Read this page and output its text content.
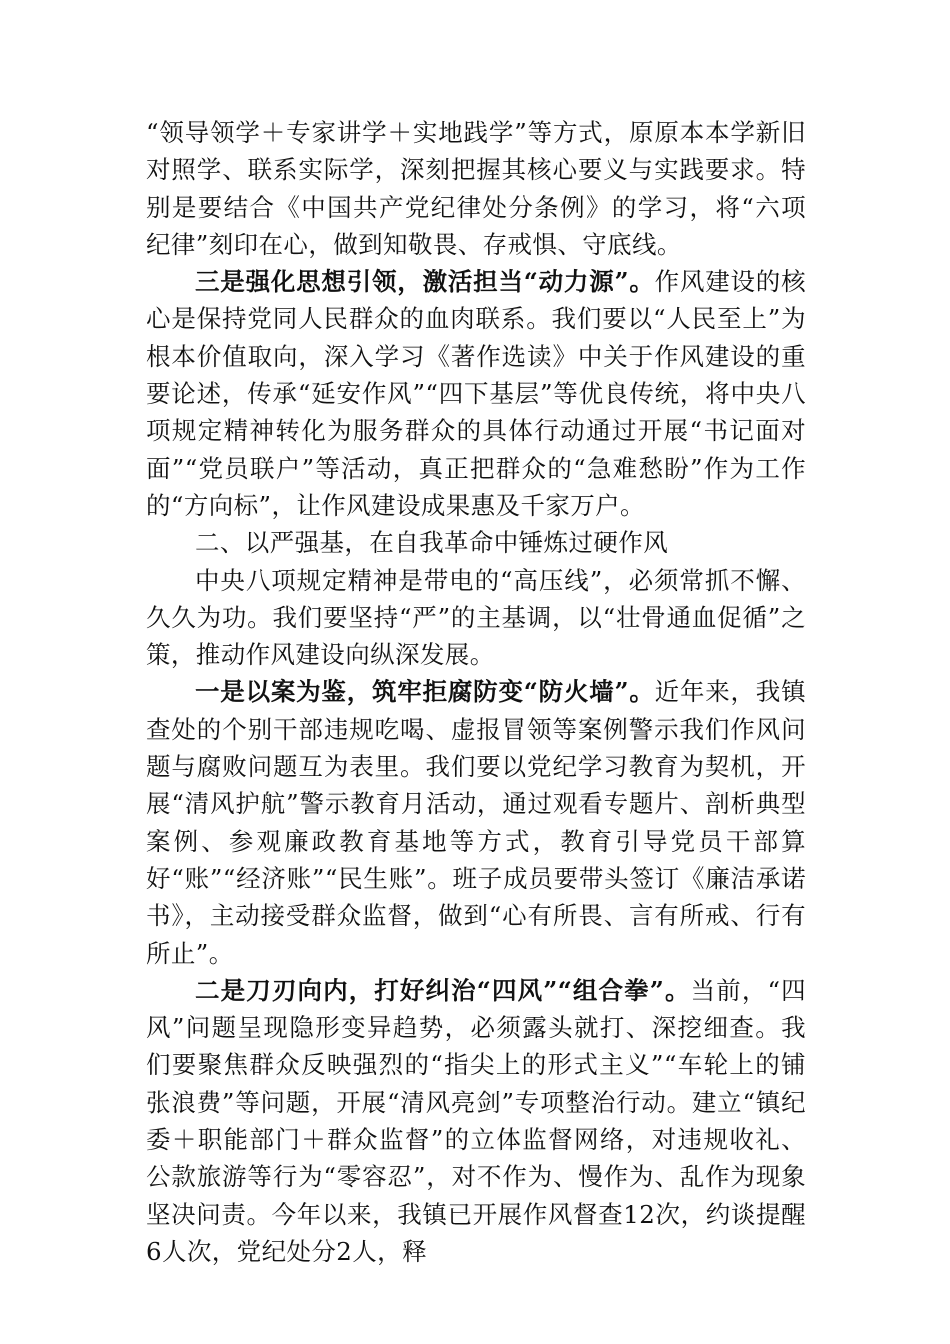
“领导领学＋专家讲学＋实地践学”等方式，原原本本学新旧对照学、联系实际学，深刻把握其核心要义与实践要求。特别是要结合《中国共产党纪律处分条例》的学习，将“六项纪律”刻印在心，做到知敬畏、存戒惧、守底线。

三是强化思想引领，激活担当“动力源”。作风建设的核心是保持党同人民群众的血肉联系。我们要以“人民至上”为根本价值取向，深入学习《著作选读》中关于作风建设的重要论述，传承“延安作风”“四下基层”等优良传统，将中央八项规定精神转化为服务群众的具体行动通过开展“书记面对面”“党员联户”等活动，真正把群众的“急难愁盼”作为工作的“方向标”，让作风建设成果惠及千家万户。

二、以严强基，在自我革命中锤炼过硬作风

中央八项规定精神是带电的“高压线”，必须常抓不懈、久久为功。我们要坚持“严”的主基调，以“壮骨通血促循”之策，推动作风建设向纵深发展。

一是以案为鉴，筑牢拒腐防变“防火墙”。近年来，我镇查处的个别干部违规吃喝、虚报冒领等案例警示我们作风问题与腐败问题互为表里。我们要以党纪学习教育为契机，开展“清风护航”警示教育月活动，通过观看专题片、剖析典型案例、参观廉政教育基地等方式，教育引导党员干部算好“账”“经济账”“民生账”。班子成员要带头签订《廉洁承诺书》，主动接受群众监督，做到“心有所畏、言有所戒、行有所止”。

二是刀刃向内，打好纠治“四风”“组合拳”。当前，“四风”问题呈现隐形变异趋势，必须露头就打、深挖细查。我们要聚焦群众反映强烈的“指尖上的形式主义”“车轮上的铺张浪费”等问题，开展“清风亮剑”专项整治行动。建立“镇纪委＋职能部门＋群众监督”的立体监督网络，对违规收礼、公款旅游等行为“零容忍”，对不作为、慢作为、乱作为现象坚决问责。今年以来，我镇已开展作风督查12次，约谈提醒6人次，党纪处分2人，释
